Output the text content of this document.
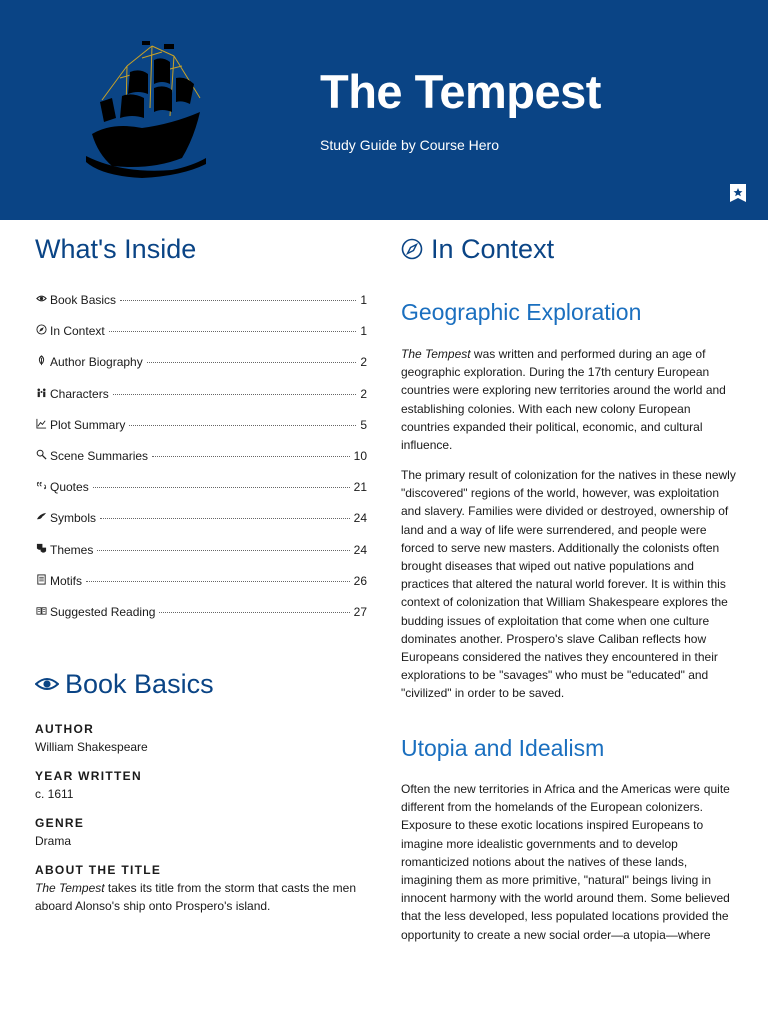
The Tempest
Study Guide by Course Hero
What's Inside
Book Basics	1
In Context	1
Author Biography	2
Characters	2
Plot Summary	5
Scene Summaries	10
Quotes	21
Symbols	24
Themes	24
Motifs	26
Suggested Reading	27
Book Basics
AUTHOR
William Shakespeare
YEAR WRITTEN
c. 1611
GENRE
Drama
ABOUT THE TITLE
The Tempest takes its title from the storm that casts the men aboard Alonso's ship onto Prospero's island.
In Context
Geographic Exploration
The Tempest was written and performed during an age of geographic exploration. During the 17th century European countries were exploring new territories around the world and establishing colonies. With each new colony European countries expanded their political, economic, and cultural influence.
The primary result of colonization for the natives in these newly "discovered" regions of the world, however, was exploitation and slavery. Families were divided or destroyed, ownership of land and a way of life were surrendered, and people were forced to serve new masters. Additionally the colonists often brought diseases that wiped out native populations and practices that altered the natural world forever. It is within this context of colonization that William Shakespeare explores the budding issues of exploitation that come when one culture dominates another. Prospero's slave Caliban reflects how Europeans considered the natives they encountered in their explorations to be "savages" who must be "educated" and "civilized" in order to be saved.
Utopia and Idealism
Often the new territories in Africa and the Americas were quite different from the homelands of the European colonizers. Exposure to these exotic locations inspired Europeans to imagine more idealistic governments and to develop romanticized notions about the natives of these lands, imagining them as more primitive, "natural" beings living in innocent harmony with the world around them. Some believed that the less developed, less populated locations provided the opportunity to create a new social order—a utopia—where
